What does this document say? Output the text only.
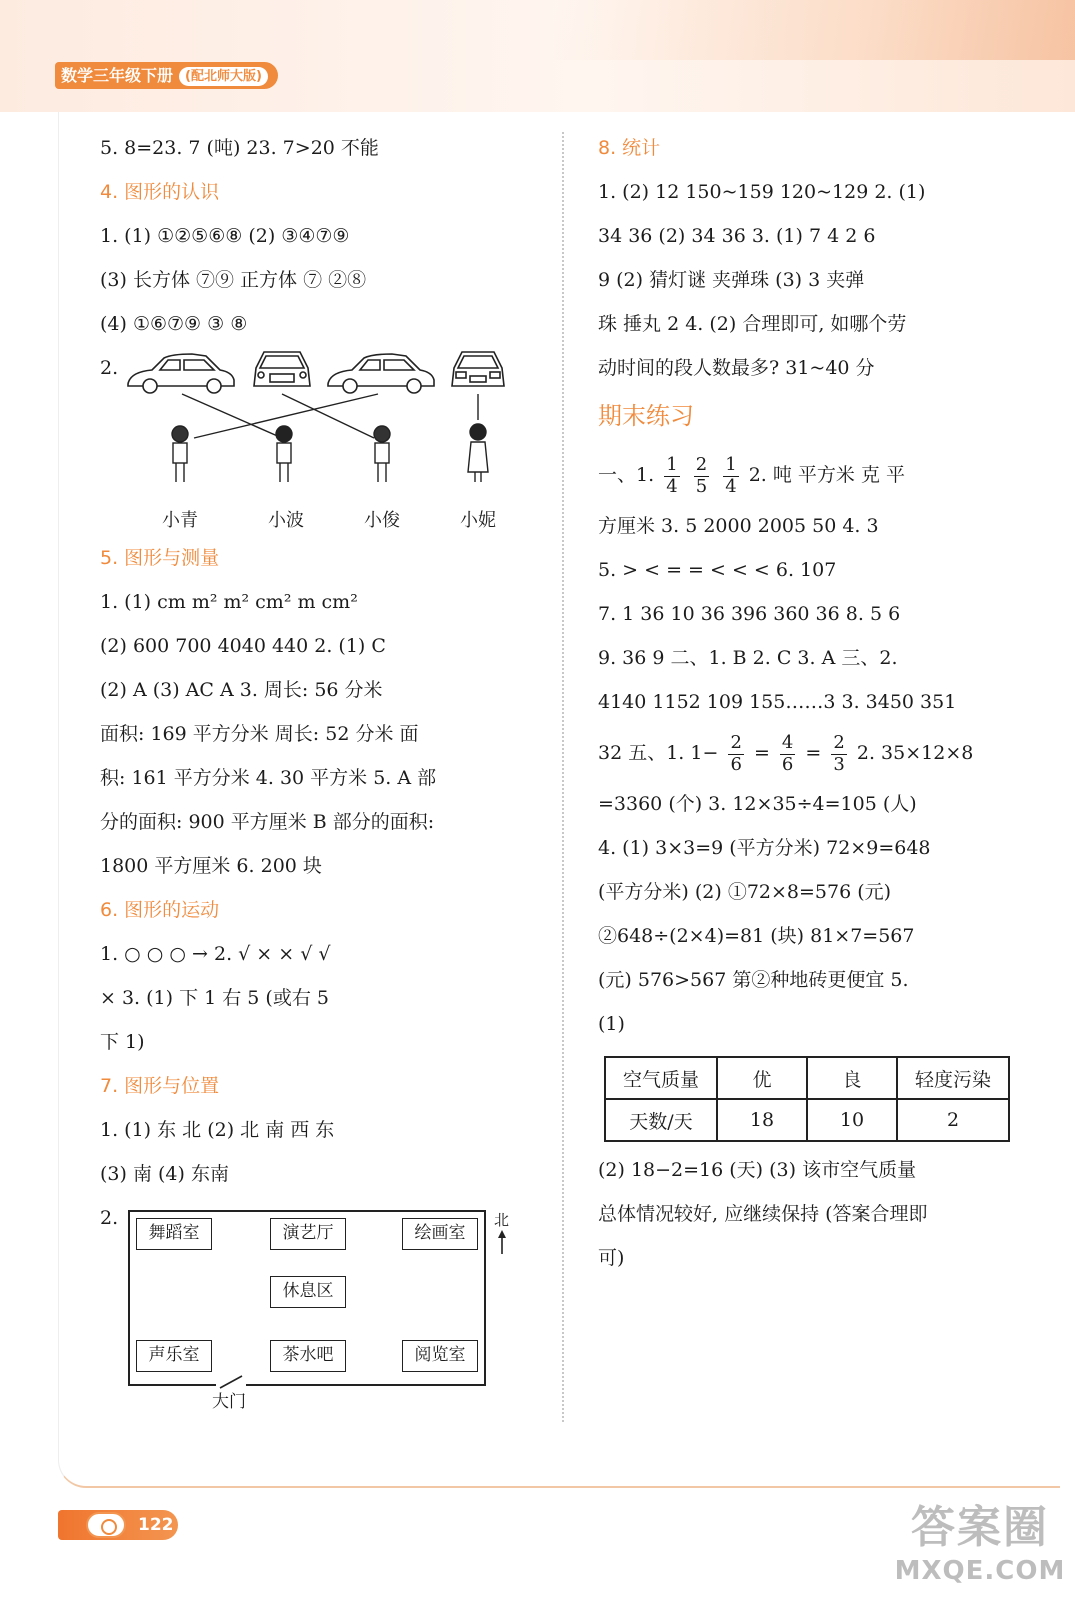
数学三年级下册 (配北师大版)
5. 8=23. 7 (吨) 23. 7>20 不能
4. 图形的认识
1. (1) ①②⑤⑥⑧ (2) ③④⑦⑨
(3) 长方体 ⑦⑨ 正方体 ⑦ ②⑧
(4) ①⑥⑦⑨ ③ ⑧
2.
小青	小波	小俊	小妮
5. 图形与测量
1. (1) cm m² m² cm² m cm²
(2) 600 700 4040 440 2. (1) C
(2) A (3) AC A 3. 周长: 56 分米
面积: 169 平方分米 周长: 52 分米 面
积: 161 平方分米 4. 30 平方米 5. A 部
分的面积: 900 平方厘米 B 部分的面积:
1800 平方厘米 6. 200 块
6. 图形的运动
1. ○ ○ ○ → 2. √ × × √ √
× 3. (1) 下 1 右 5 (或右 5
下 1)
7. 图形与位置
1. (1) 东 北 (2) 北 南 西 东
(3) 南 (4) 东南
2.
舞蹈室	演艺厅	绘画室
休息区
声乐室	茶水吧	阅览室
大门
北
8. 统计
1. (2) 12 150~159 120~129 2. (1)
34 36 (2) 34 36 3. (1) 7 4 2 6
9 (2) 猜灯谜 夹弹珠 (3) 3 夹弹
珠 捶丸 2 4. (2) 合理即可, 如哪个劳
动时间的段人数最多? 31~40 分
期末练习
一、1. $\frac{1}{4}$
$\frac{2}{5}$
$\frac{1}{4} 2$. 吨 平方米 克 平
方厘米 3. 5 2000 2005 50 4. 3
5. > < = = < < < 6. 107
7. 1 36 10 36 396 360 36 8. 5 6
9. 36 9 二、1. B 2. C 3. A 三、2.
4140 1152 109 155……3 3. 3450 351
32 五、1. $1- \frac{2}{6} = \frac{4}{6} = \frac{2}{3} 2$. 35×12×8
=3360 (个) 3. 12×35÷4=105 (人)
4. (1) 3×3=9 (平方分米) 72×9=648
(平方分米) (2) ①72×8=576 (元)
②648÷(2×4)=81 (块) 81×7=567
(元) 576>567 第②种地砖更便宜 5.
(1)
空气质量	优	良	轻度污染
天数/天	18	10	2
(2) 18−2=16 (天) (3) 该市空气质量
总体情况较好, 应继续保持 (答案合理即
可)
122	答案圈
MXQE.COM
